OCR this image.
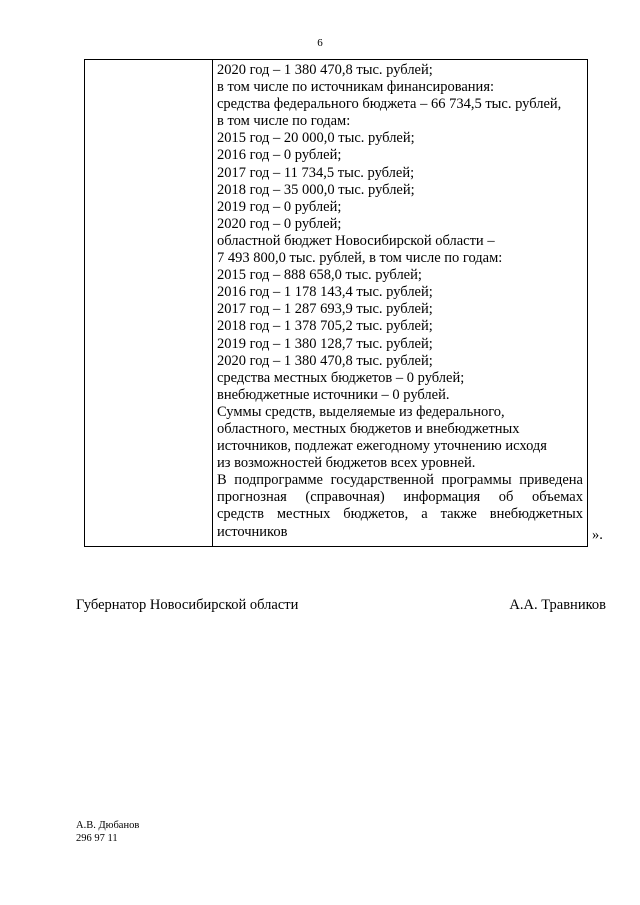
6
2020 год – 1 380 470,8 тыс. рублей;
в том числе по источникам финансирования:
средства федерального бюджета – 66 734,5 тыс. рублей,
в том числе по годам:
2015 год – 20 000,0 тыс. рублей;
2016 год – 0 рублей;
2017 год – 11 734,5 тыс. рублей;
2018 год – 35 000,0 тыс. рублей;
2019 год – 0 рублей;
2020 год – 0 рублей;
областной бюджет Новосибирской области –
7 493 800,0 тыс. рублей, в том числе по годам:
2015 год – 888 658,0 тыс. рублей;
2016 год – 1 178 143,4 тыс. рублей;
2017 год – 1 287 693,9 тыс. рублей;
2018 год – 1 378 705,2 тыс. рублей;
2019 год – 1 380 128,7 тыс. рублей;
2020 год – 1 380 470,8 тыс. рублей;
средства местных бюджетов – 0 рублей;
внебюджетные источники – 0 рублей.
Суммы средств, выделяемые из федерального,
областного, местных бюджетов и внебюджетных
источников, подлежат ежегодному уточнению исходя
из возможностей бюджетов всех уровней.
В подпрограмме государственной программы приведена
прогнозная (справочная) информация об объемах
средств местных бюджетов, а также внебюджетных
источников	».
Губернатор Новосибирской области	А.А. Травников
А.В. Дюбанов
296 97 11
